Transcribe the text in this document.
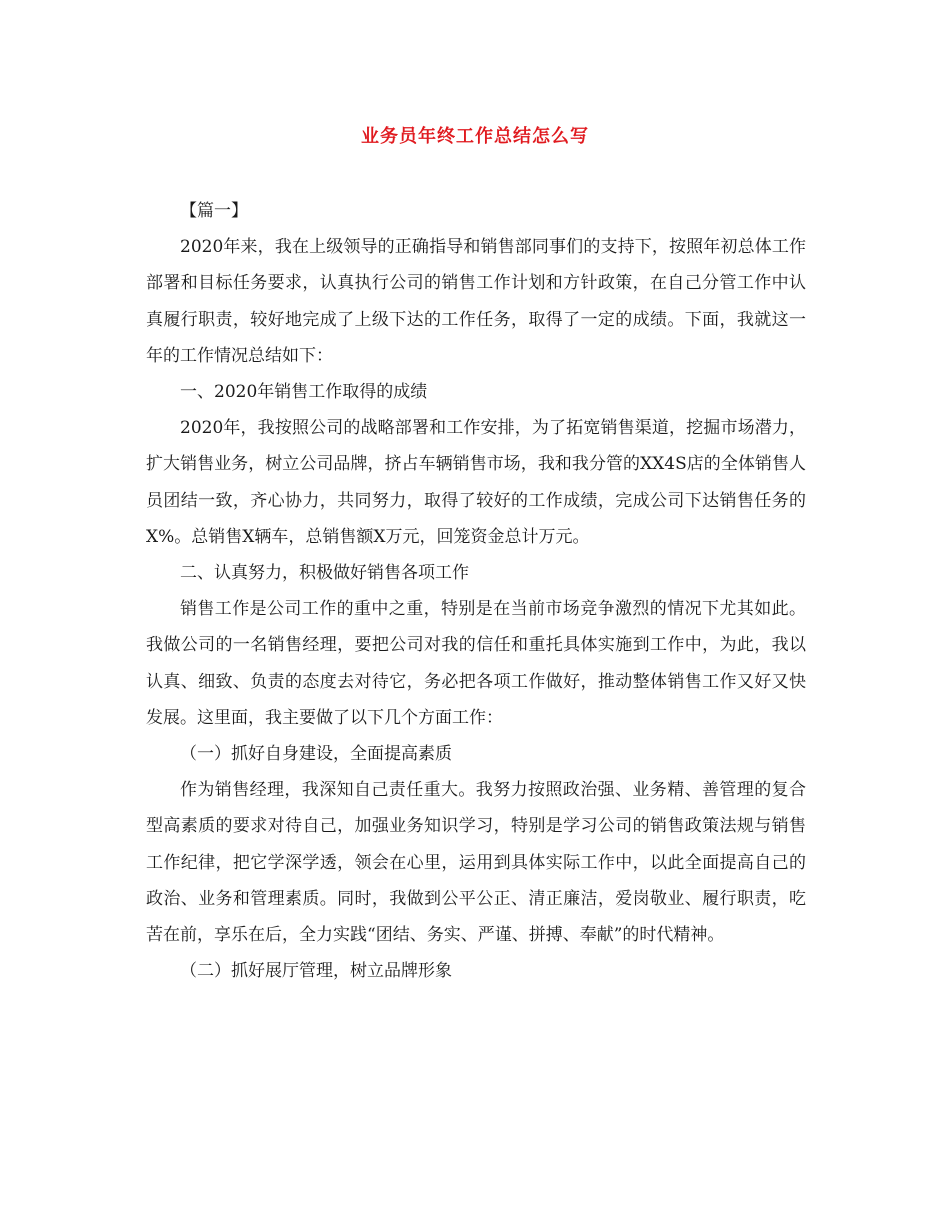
业务员年终工作总结怎么写

【篇一】

2020年来，我在上级领导的正确指导和销售部同事们的支持下，按照年初总体工作部署和目标任务要求，认真执行公司的销售工作计划和方针政策，在自己分管工作中认真履行职责，较好地完成了上级下达的工作任务，取得了一定的成绩。下面，我就这一年的工作情况总结如下：

一、2020年销售工作取得的成绩

2020年，我按照公司的战略部署和工作安排，为了拓宽销售渠道，挖掘市场潜力，扩大销售业务，树立公司品牌，挤占车辆销售市场，我和我分管的XX4S店的全体销售人员团结一致，齐心协力，共同努力，取得了较好的工作成绩，完成公司下达销售任务的X%。总销售X辆车，总销售额X万元，回笼资金总计万元。

二、认真努力，积极做好销售各项工作

销售工作是公司工作的重中之重，特别是在当前市场竞争激烈的情况下尤其如此。我做公司的一名销售经理，要把公司对我的信任和重托具体实施到工作中，为此，我以认真、细致、负责的态度去对待它，务必把各项工作做好，推动整体销售工作又好又快发展。这里面，我主要做了以下几个方面工作：

（一）抓好自身建设，全面提高素质

作为销售经理，我深知自己责任重大。我努力按照政治强、业务精、善管理的复合型高素质的要求对待自己，加强业务知识学习，特别是学习公司的销售政策法规与销售工作纪律，把它学深学透，领会在心里，运用到具体实际工作中，以此全面提高自己的政治、业务和管理素质。同时，我做到公平公正、清正廉洁，爱岗敬业、履行职责，吃苦在前，享乐在后，全力实践“团结、务实、严谨、拼搏、奉献”的时代精神。

（二）抓好展厅管理，树立品牌形象
